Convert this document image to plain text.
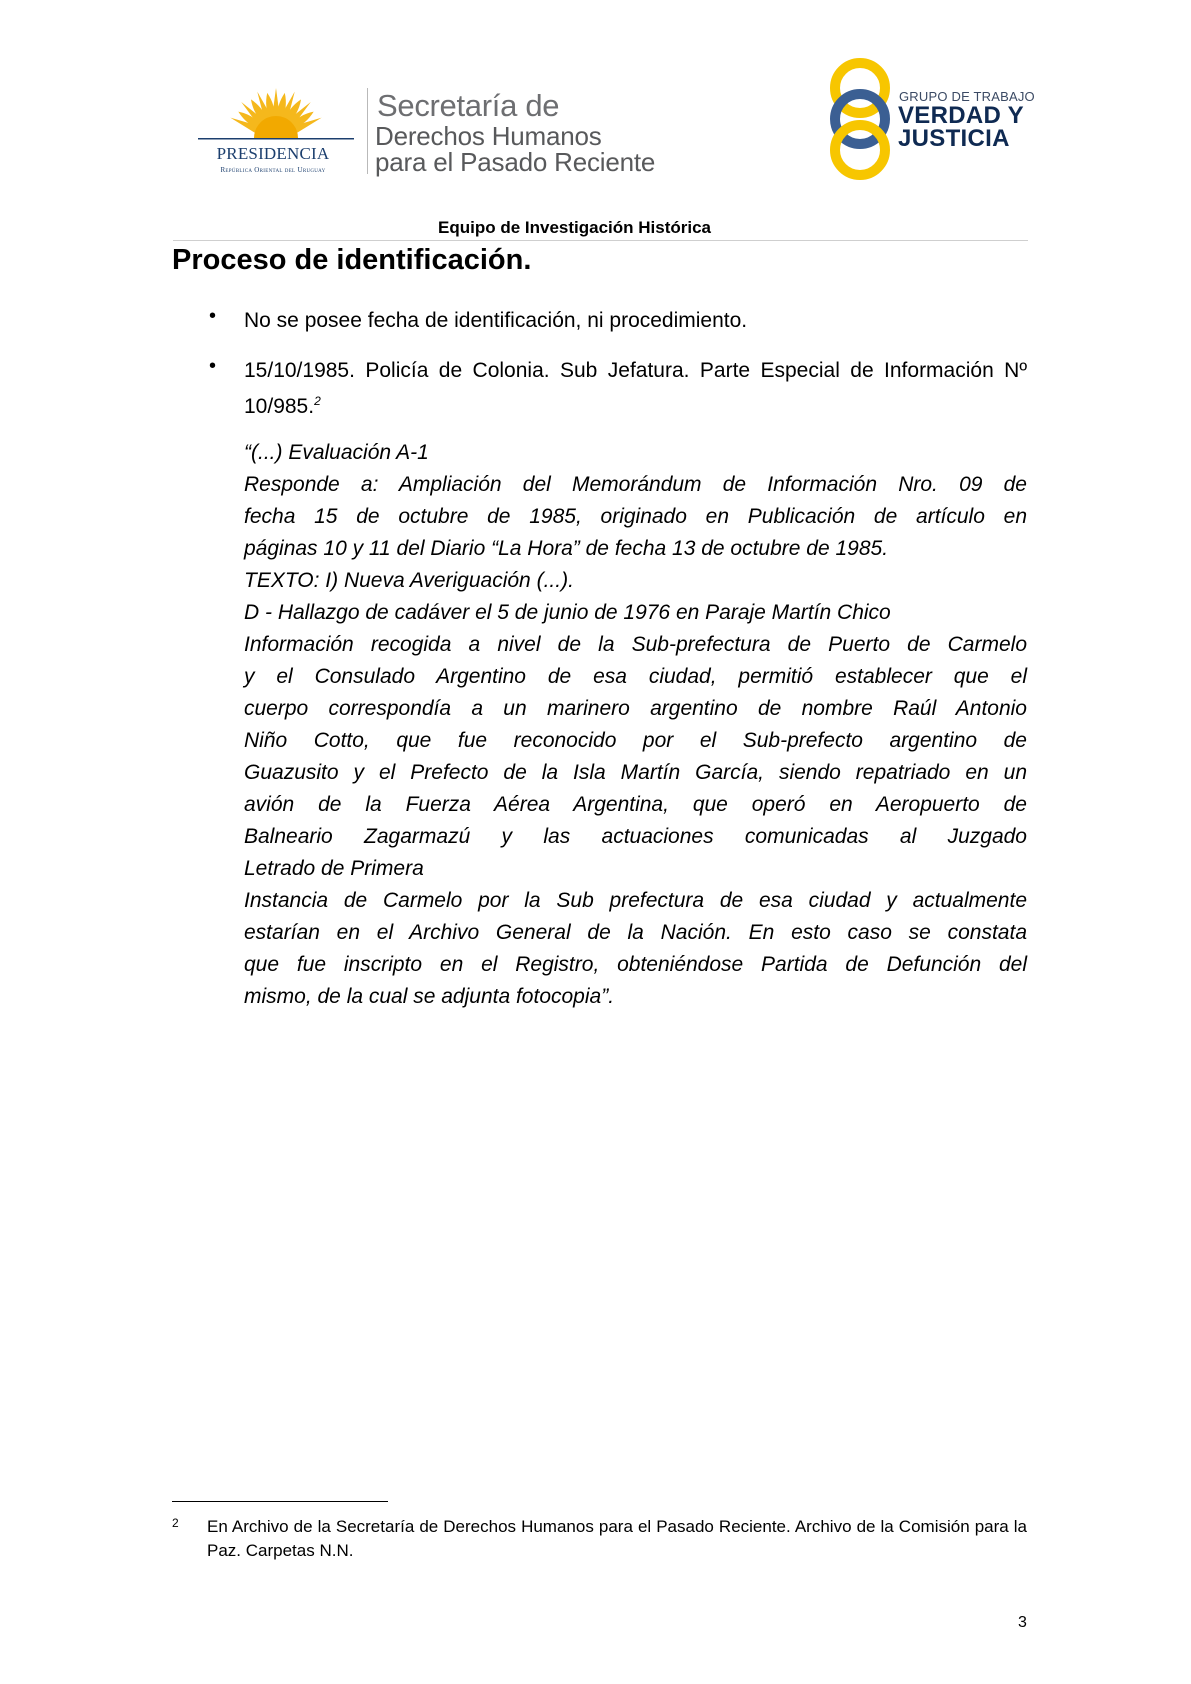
PRESIDENCIA
República Oriental del Uruguay
Secretaría de
Derechos Humanos
para el Pasado Reciente
GRUPO DE TRABAJO
VERDAD Y
JUSTICIA
Equipo de Investigación Histórica
Proceso de identificación.
• No se posee fecha de identificación, ni procedimiento.
• 15/10/1985. Policía de Colonia. Sub Jefatura. Parte Especial de Información Nº 10/985.$^2$
“(...) Evaluación A-1
Responde a: Ampliación del Memorándum de Información Nro. 09 de
fecha 15 de octubre de 1985, originado en Publicación de artículo en
páginas 10 y 11 del Diario “La Hora” de fecha 13 de octubre de 1985.
TEXTO: I) Nueva Averiguación (...).
D - Hallazgo de cadáver el 5 de junio de 1976 en Paraje Martín Chico
Información recogida a nivel de la Sub-prefectura de Puerto de Carmelo
y el Consulado Argentino de esa ciudad, permitió establecer que el
cuerpo correspondía a un marinero argentino de nombre Raúl Antonio
Niño Cotto, que fue reconocido por el Sub-prefecto argentino de
Guazusito y el Prefecto de la Isla Martín García, siendo repatriado en un
avión de la Fuerza Aérea Argentina, que operó en Aeropuerto de
Balneario Zagarmazú y las actuaciones comunicadas al Juzgado
Letrado de Primera
Instancia de Carmelo por la Sub prefectura de esa ciudad y actualmente
estarían en el Archivo General de la Nación. En esto caso se constata
que fue inscripto en el Registro, obteniéndose Partida de Defunción del
mismo, de la cual se adjunta fotocopia”.
2 En Archivo de la Secretaría de Derechos Humanos para el Pasado Reciente. Archivo de la Comisión para la Paz. Carpetas N.N.
3
